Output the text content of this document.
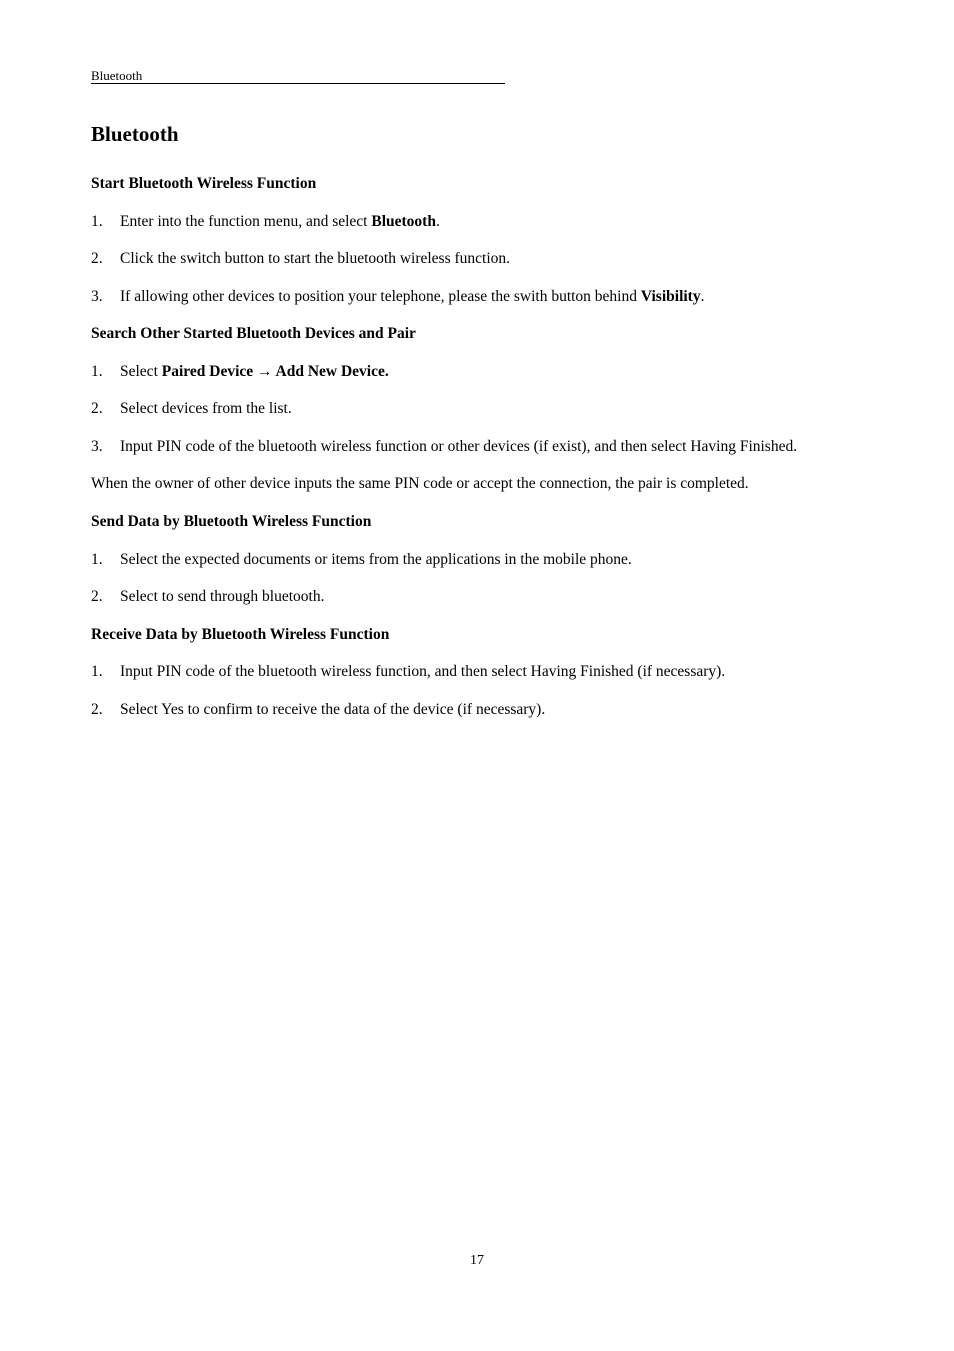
Bluetooth
Bluetooth
Start Bluetooth Wireless Function
1. Enter into the function menu, and select Bluetooth.
2. Click the switch button to start the bluetooth wireless function.
3. If allowing other devices to position your telephone, please the swith button behind Visibility.
Search Other Started Bluetooth Devices and Pair
1. Select Paired Device → Add New Device.
2. Select devices from the list.
3. Input PIN code of the bluetooth wireless function or other devices (if exist), and then select Having Finished.

When the owner of other device inputs the same PIN code or accept the connection, the pair is completed.

Send Data by Bluetooth Wireless Function
1. Select the expected documents or items from the applications in the mobile phone.
2. Select to send through bluetooth.
Receive Data by Bluetooth Wireless Function
1. Input PIN code of the bluetooth wireless function, and then select Having Finished (if necessary).
2. Select Yes to confirm to receive the data of the device (if necessary).
17
